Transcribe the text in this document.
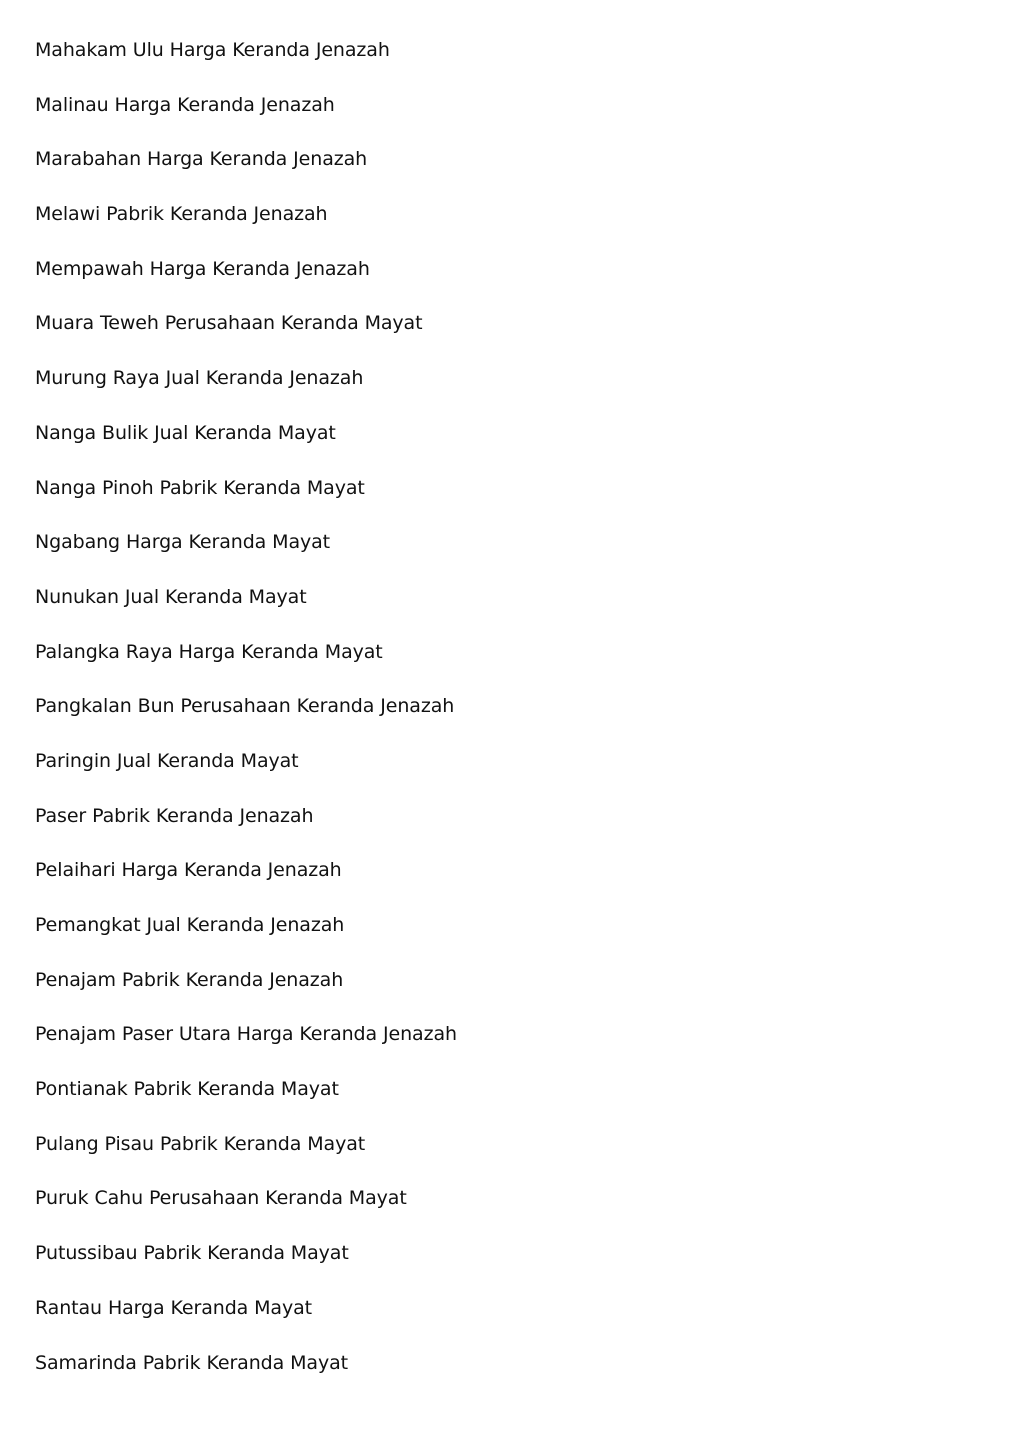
Mahakam Ulu Harga Keranda Jenazah
Malinau Harga Keranda Jenazah
Marabahan Harga Keranda Jenazah
Melawi Pabrik Keranda Jenazah
Mempawah Harga Keranda Jenazah
Muara Teweh Perusahaan Keranda Mayat
Murung Raya Jual Keranda Jenazah
Nanga Bulik Jual Keranda Mayat
Nanga Pinoh Pabrik Keranda Mayat
Ngabang Harga Keranda Mayat
Nunukan Jual Keranda Mayat
Palangka Raya Harga Keranda Mayat
Pangkalan Bun Perusahaan Keranda Jenazah
Paringin Jual Keranda Mayat
Paser Pabrik Keranda Jenazah
Pelaihari Harga Keranda Jenazah
Pemangkat Jual Keranda Jenazah
Penajam Pabrik Keranda Jenazah
Penajam Paser Utara Harga Keranda Jenazah
Pontianak Pabrik Keranda Mayat
Pulang Pisau Pabrik Keranda Mayat
Puruk Cahu Perusahaan Keranda Mayat
Putussibau Pabrik Keranda Mayat
Rantau Harga Keranda Mayat
Samarinda Pabrik Keranda Mayat
